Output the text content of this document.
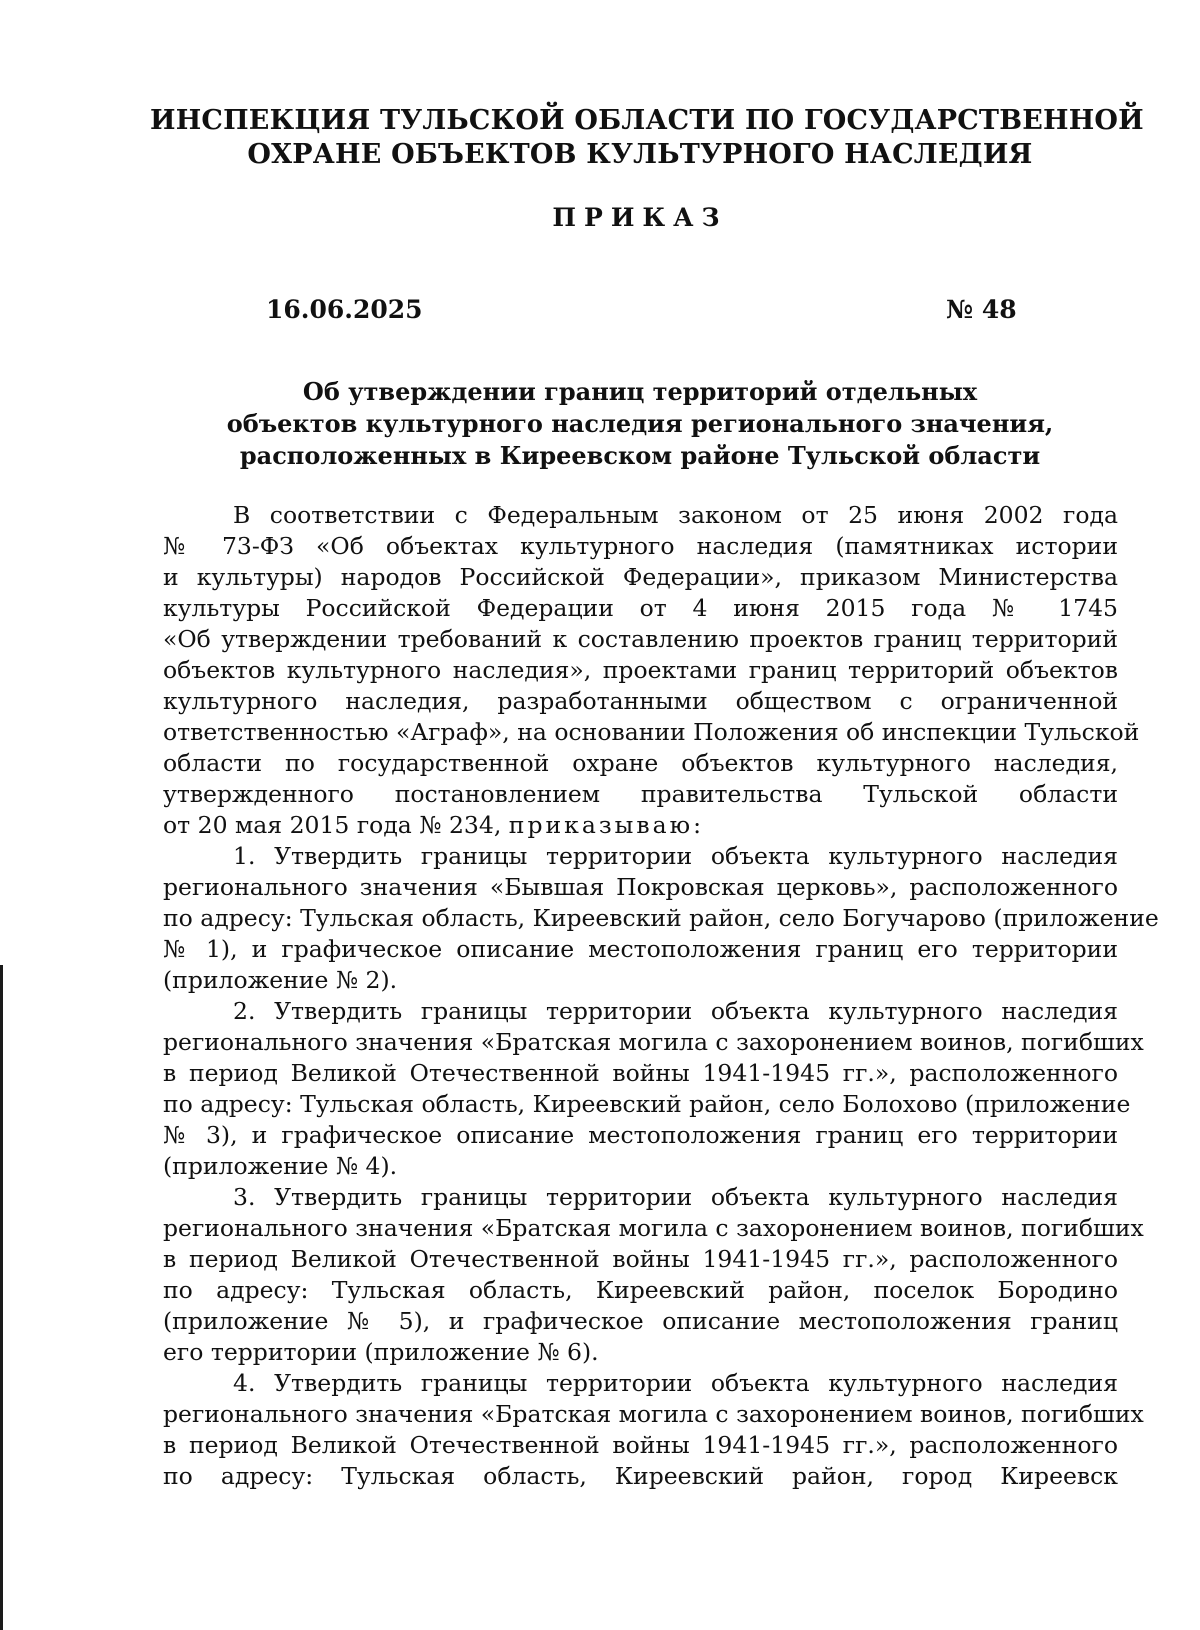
ИНСПЕКЦИЯ ТУЛЬСКОЙ ОБЛАСТИ ПО ГОСУДАРСТВЕННОЙ
ОХРАНЕ ОБЪЕКТОВ КУЛЬТУРНОГО НАСЛЕДИЯ
ПРИКАЗ
16.06.2025	№ 48
Об утверждении границ территорий отдельных
объектов культурного наследия регионального значения,
расположенных в Киреевском районе Тульской области
В соответствии с Федеральным законом от 25 июня 2002 года
№ 73-ФЗ «Об объектах культурного наследия (памятниках истории
и культуры) народов Российской Федерации», приказом Министерства
культуры Российской Федерации от 4 июня 2015 года № 1745
«Об утверждении требований к составлению проектов границ территорий
объектов культурного наследия», проектами границ территорий объектов
культурного наследия, разработанными обществом с ограниченной
ответственностью «Аграф», на основании Положения об инспекции Тульской
области по государственной охране объектов культурного наследия,
утвержденного постановлением правительства Тульской области
от 20 мая 2015 года № 234, приказываю:
1. Утвердить границы территории объекта культурного наследия
регионального значения «Бывшая Покровская церковь», расположенного
по адресу: Тульская область, Киреевский район, село Богучарово (приложение
№ 1), и графическое описание местоположения границ его территории
(приложение № 2).
2. Утвердить границы территории объекта культурного наследия
регионального значения «Братская могила с захоронением воинов, погибших
в период Великой Отечественной войны 1941-1945 гг.», расположенного
по адресу: Тульская область, Киреевский район, село Болохово (приложение
№ 3), и графическое описание местоположения границ его территории
(приложение № 4).
3. Утвердить границы территории объекта культурного наследия
регионального значения «Братская могила с захоронением воинов, погибших
в период Великой Отечественной войны 1941-1945 гг.», расположенного
по адресу: Тульская область, Киреевский район, поселок Бородино
(приложение № 5), и графическое описание местоположения границ
его территории (приложение № 6).
4. Утвердить границы территории объекта культурного наследия
регионального значения «Братская могила с захоронением воинов, погибших
в период Великой Отечественной войны 1941-1945 гг.», расположенного
по адресу: Тульская область, Киреевский район, город Киреевск
